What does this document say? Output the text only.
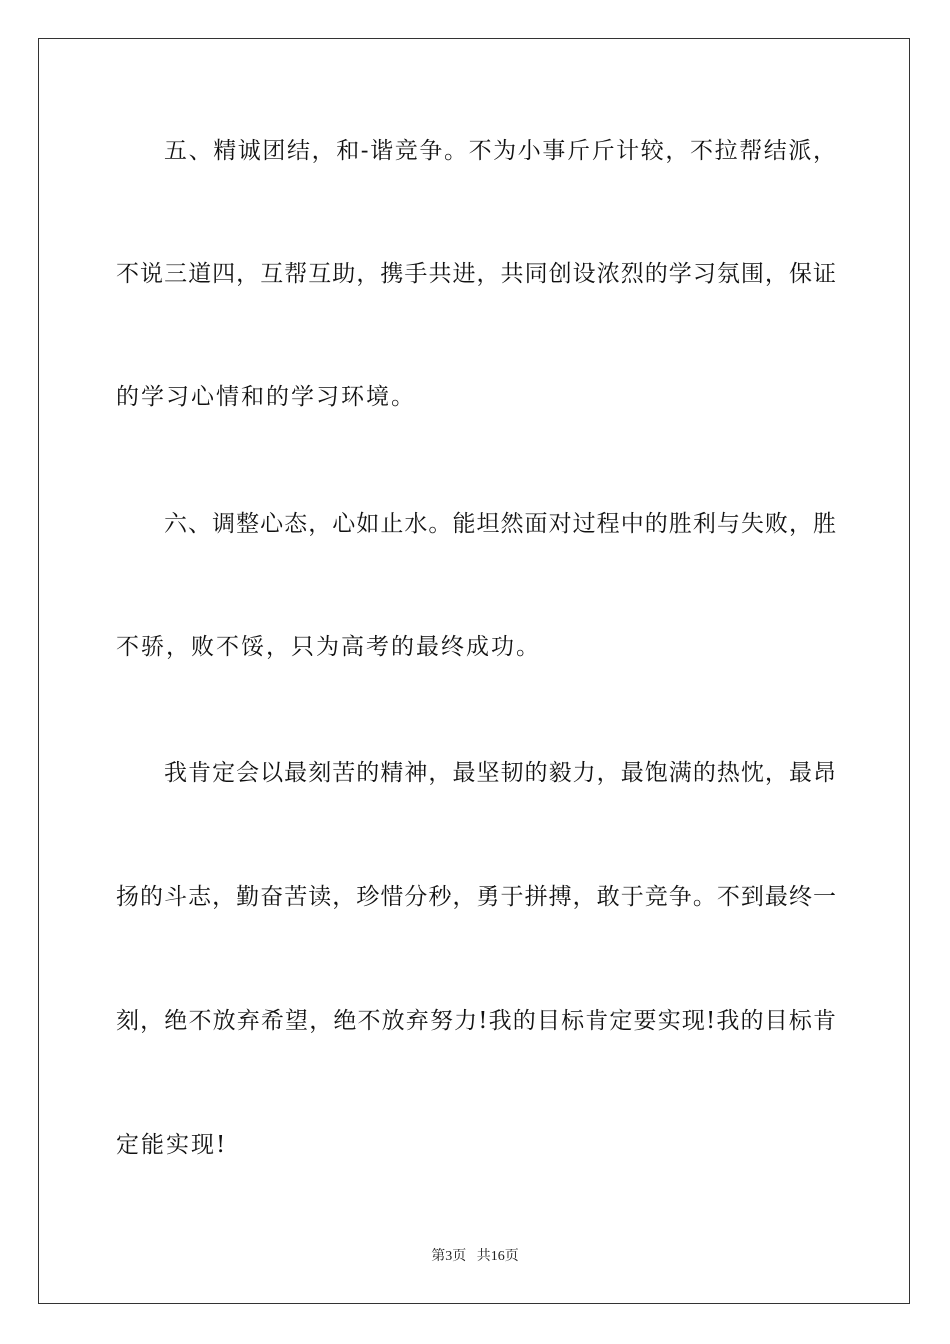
五、精诚团结，和-谐竞争。不为小事斤斤计较，不拉帮结派，
不说三道四，互帮互助，携手共进，共同创设浓烈的学习氛围，保证
的学习心情和的学习环境。
六、调整心态，心如止水。能坦然面对过程中的胜利与失败，胜
不骄，败不馁，只为高考的最终成功。
我肯定会以最刻苦的精神，最坚韧的毅力，最饱满的热忱，最昂
扬的斗志，勤奋苦读，珍惜分秒，勇于拼搏，敢于竞争。不到最终一
刻，绝不放弃希望，绝不放弃努力!我的目标肯定要实现!我的目标肯
定能实现!
第3页 共16页
